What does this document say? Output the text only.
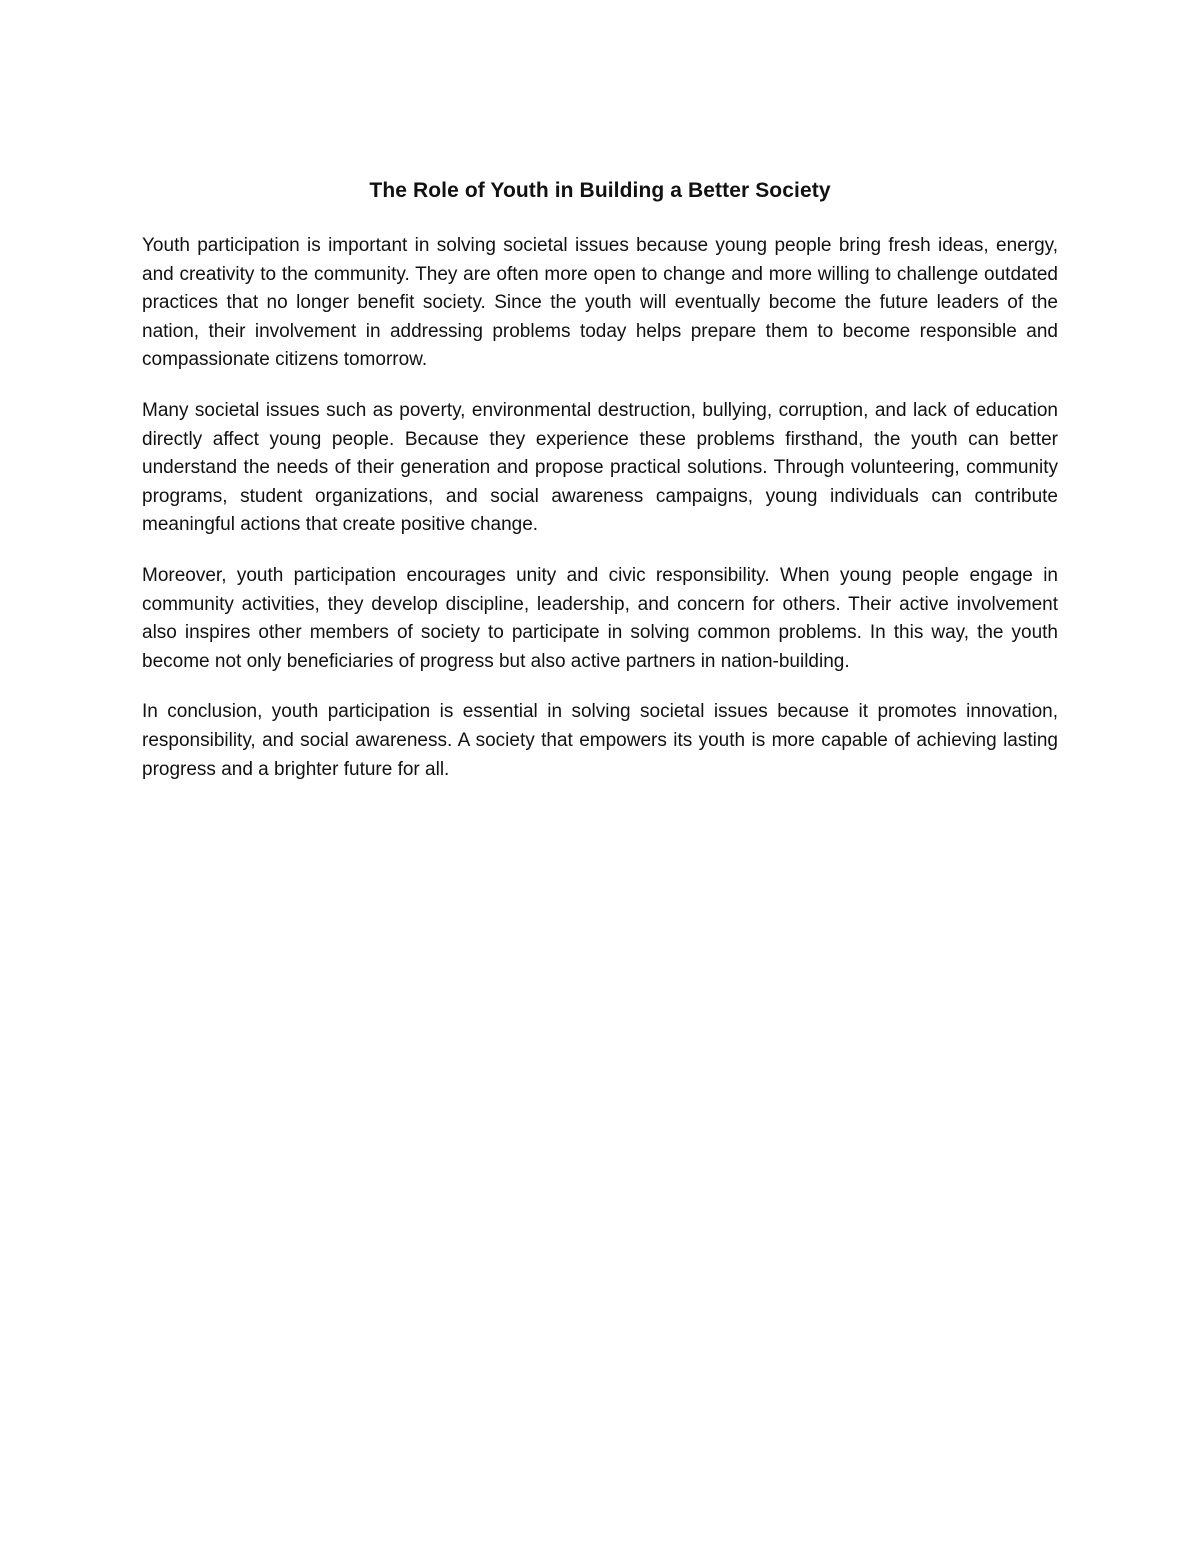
The Role of Youth in Building a Better Society

Youth participation is important in solving societal issues because young people bring fresh ideas, energy, and creativity to the community. They are often more open to change and more willing to challenge outdated practices that no longer benefit society. Since the youth will eventually become the future leaders of the nation, their involvement in addressing problems today helps prepare them to become responsible and compassionate citizens tomorrow.

Many societal issues such as poverty, environmental destruction, bullying, corruption, and lack of education directly affect young people. Because they experience these problems firsthand, the youth can better understand the needs of their generation and propose practical solutions. Through volunteering, community programs, student organizations, and social awareness campaigns, young individuals can contribute meaningful actions that create positive change.

Moreover, youth participation encourages unity and civic responsibility. When young people engage in community activities, they develop discipline, leadership, and concern for others. Their active involvement also inspires other members of society to participate in solving common problems. In this way, the youth become not only beneficiaries of progress but also active partners in nation-building.

In conclusion, youth participation is essential in solving societal issues because it promotes innovation, responsibility, and social awareness. A society that empowers its youth is more capable of achieving lasting progress and a brighter future for all.
